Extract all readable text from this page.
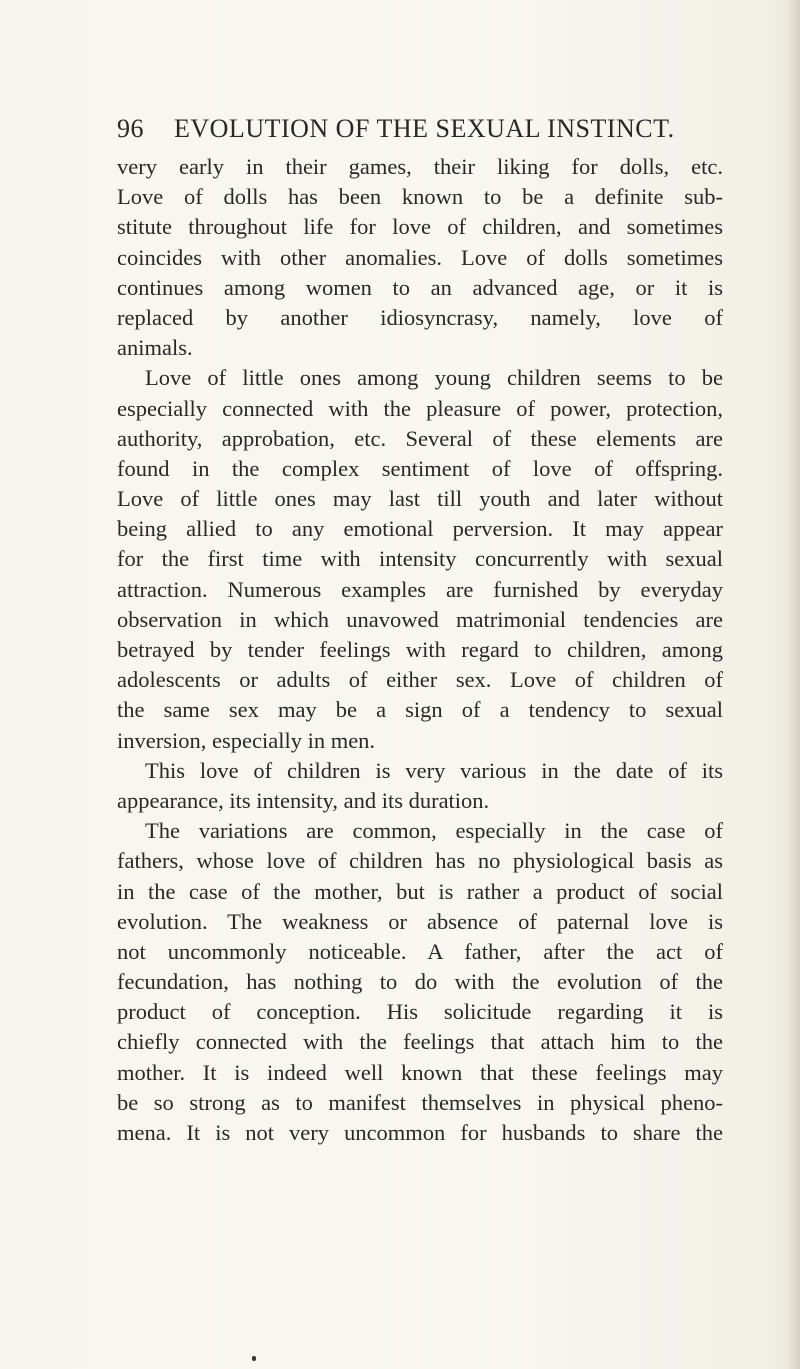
96 EVOLUTION OF THE SEXUAL INSTINCT.
very early in their games, their liking for dolls, etc.
Love of dolls has been known to be a definite sub-
stitute throughout life for love of children, and sometimes
coincides with other anomalies. Love of dolls sometimes
continues among women to an advanced age, or it is
replaced by another idiosyncrasy, namely, love of
animals.
Love of little ones among young children seems to be
especially connected with the pleasure of power, protection,
authority, approbation, etc. Several of these elements are
found in the complex sentiment of love of offspring.
Love of little ones may last till youth and later without
being allied to any emotional perversion. It may appear
for the first time with intensity concurrently with sexual
attraction. Numerous examples are furnished by everyday
observation in which unavowed matrimonial tendencies are
betrayed by tender feelings with regard to children, among
adolescents or adults of either sex. Love of children of
the same sex may be a sign of a tendency to sexual
inversion, especially in men.
This love of children is very various in the date of its
appearance, its intensity, and its duration.
The variations are common, especially in the case of
fathers, whose love of children has no physiological basis as
in the case of the mother, but is rather a product of social
evolution. The weakness or absence of paternal love is
not uncommonly noticeable. A father, after the act of
fecundation, has nothing to do with the evolution of the
product of conception. His solicitude regarding it is
chiefly connected with the feelings that attach him to the
mother. It is indeed well known that these feelings may
be so strong as to manifest themselves in physical pheno-
mena. It is not very uncommon for husbands to share the
